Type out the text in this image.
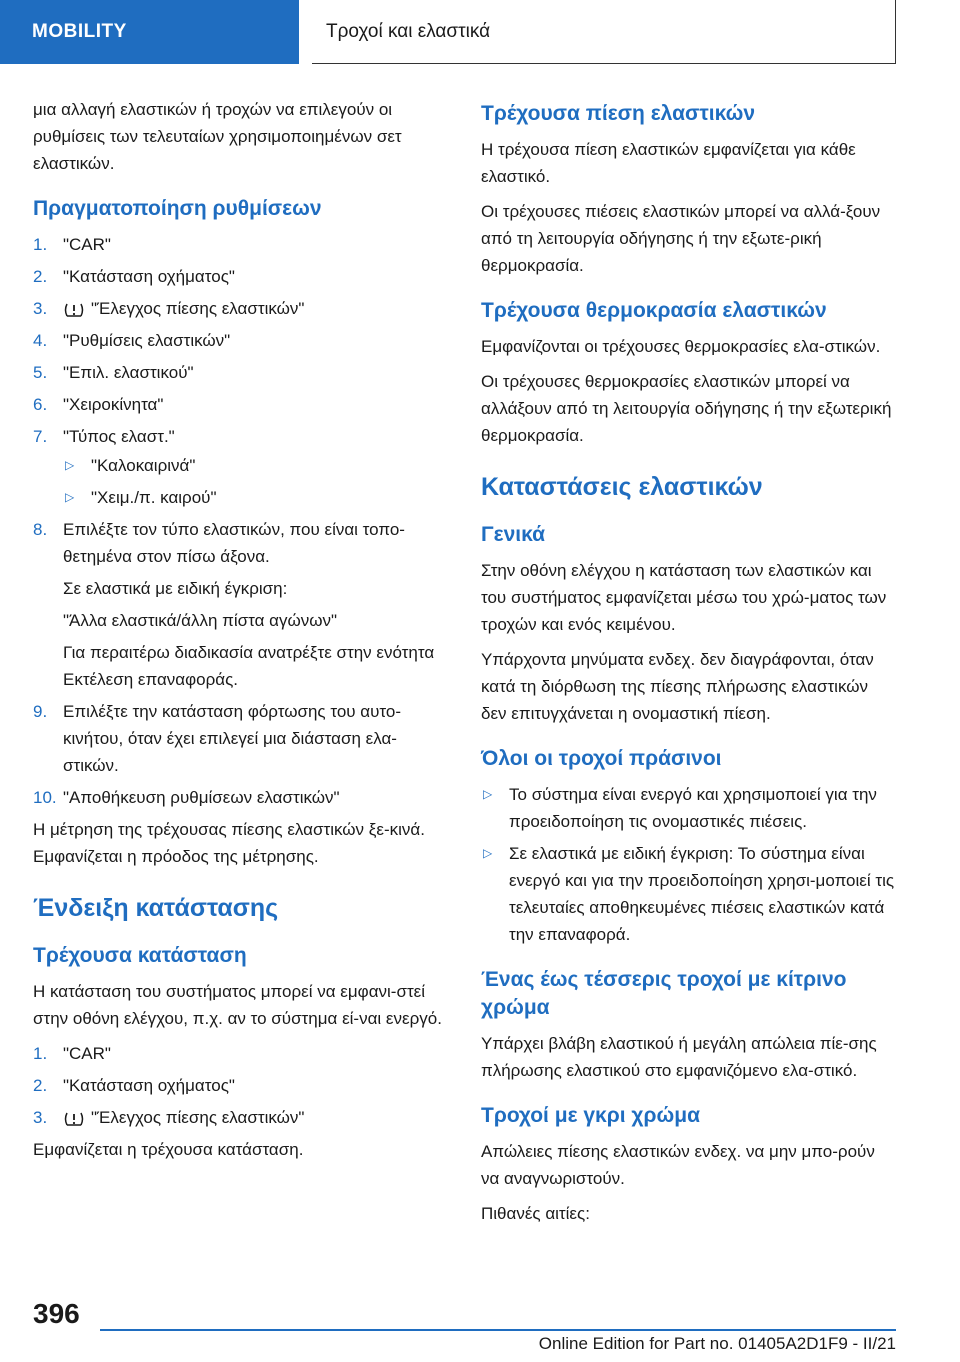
MOBILITY	Τροχοί και ελαστικά

μια αλλαγή ελαστικών ή τροχών να επιλεγούν οι ρυθμίσεις των τελευταίων χρησιμοποιημένων σετ ελαστικών.

Πραγματοποίηση ρυθμίσεων
1. "CAR"
2. "Κατάσταση οχήματος"
3.	"Έλεγχος πίεσης ελαστικών"
4. "Ρυθμίσεις ελαστικών"
5. "Επιλ. ελαστικού"
6. "Χειροκίνητα"
7. "Τύπος ελαστ."
▷ "Καλοκαιρινά"
▷ "Χειμ./π. καιρού"
8. Επιλέξτε τον τύπο ελαστικών, που είναι τοπο‐θετημένα στον πίσω άξονα.

Σε ελαστικά με ειδική έγκριση:

"Άλλα ελαστικά/άλλη πίστα αγώνων"

Για περαιτέρω διαδικασία ανατρέξτε στην ενότητα Εκτέλεση επαναφοράς.

9. Επιλέξτε την κατάσταση φόρτωσης του αυτο‐κινήτου, όταν έχει επιλεγεί μια διάσταση ελα‐στικών.
10. "Αποθήκευση ρυθμίσεων ελαστικών"

Η μέτρηση της τρέχουσας πίεσης ελαστικών ξε‐κινά. Εμφανίζεται η πρόοδος της μέτρησης.

Ένδειξη κατάστασης
Τρέχουσα κατάσταση

Η κατάσταση του συστήματος μπορεί να εμφανι‐στεί στην οθόνη ελέγχου, π.χ. αν το σύστημα εί‐ναι ενεργό.

1. "CAR"
2. "Κατάσταση οχήματος"
3.	"Έλεγχος πίεσης ελαστικών"

Εμφανίζεται η τρέχουσα κατάσταση.

Τρέχουσα πίεση ελαστικών

Η τρέχουσα πίεση ελαστικών εμφανίζεται για κάθε ελαστικό.

Οι τρέχουσες πιέσεις ελαστικών μπορεί να αλλά‐ξουν από τη λειτουργία οδήγησης ή την εξωτε‐ρική θερμοκρασία.

Τρέχουσα θερμοκρασία ελαστικών

Εμφανίζονται οι τρέχουσες θερμοκρασίες ελα‐στικών.

Οι τρέχουσες θερμοκρασίες ελαστικών μπορεί να αλλάξουν από τη λειτουργία οδήγησης ή την εξωτερική θερμοκρασία.

Καταστάσεις ελαστικών
Γενικά

Στην οθόνη ελέγχου η κατάσταση των ελαστικών και του συστήματος εμφανίζεται μέσω του χρώ‐ματος των τροχών και ενός κειμένου.

Υπάρχοντα μηνύματα ενδεχ. δεν διαγράφονται, όταν κατά τη διόρθωση της πίεσης πλήρωσης ελαστικών δεν επιτυγχάνεται η ονομαστική πίεση.

Όλοι οι τροχοί πράσινοι
▷ Το σύστημα είναι ενεργό και χρησιμοποιεί για την προειδοποίηση τις ονομαστικές πιέσεις.
▷ Σε ελαστικά με ειδική έγκριση: Το σύστημα είναι ενεργό και για την προειδοποίηση χρησι‐μοποιεί τις τελευταίες αποθηκευμένες πιέσεις ελαστικών κατά την επαναφορά.
Ένας έως τέσσερις τροχοί με κίτρινο χρώμα

Υπάρχει βλάβη ελαστικού ή μεγάλη απώλεια πίε‐σης πλήρωσης ελαστικού στο εμφανιζόμενο ελα‐στικό.

Τροχοί με γκρι χρώμα

Απώλειες πίεσης ελαστικών ενδεχ. να μην μπο‐ρούν να αναγνωριστούν.

Πιθανές αιτίες:

396
Online Edition for Part no. 01405A2D1F9 - II/21
